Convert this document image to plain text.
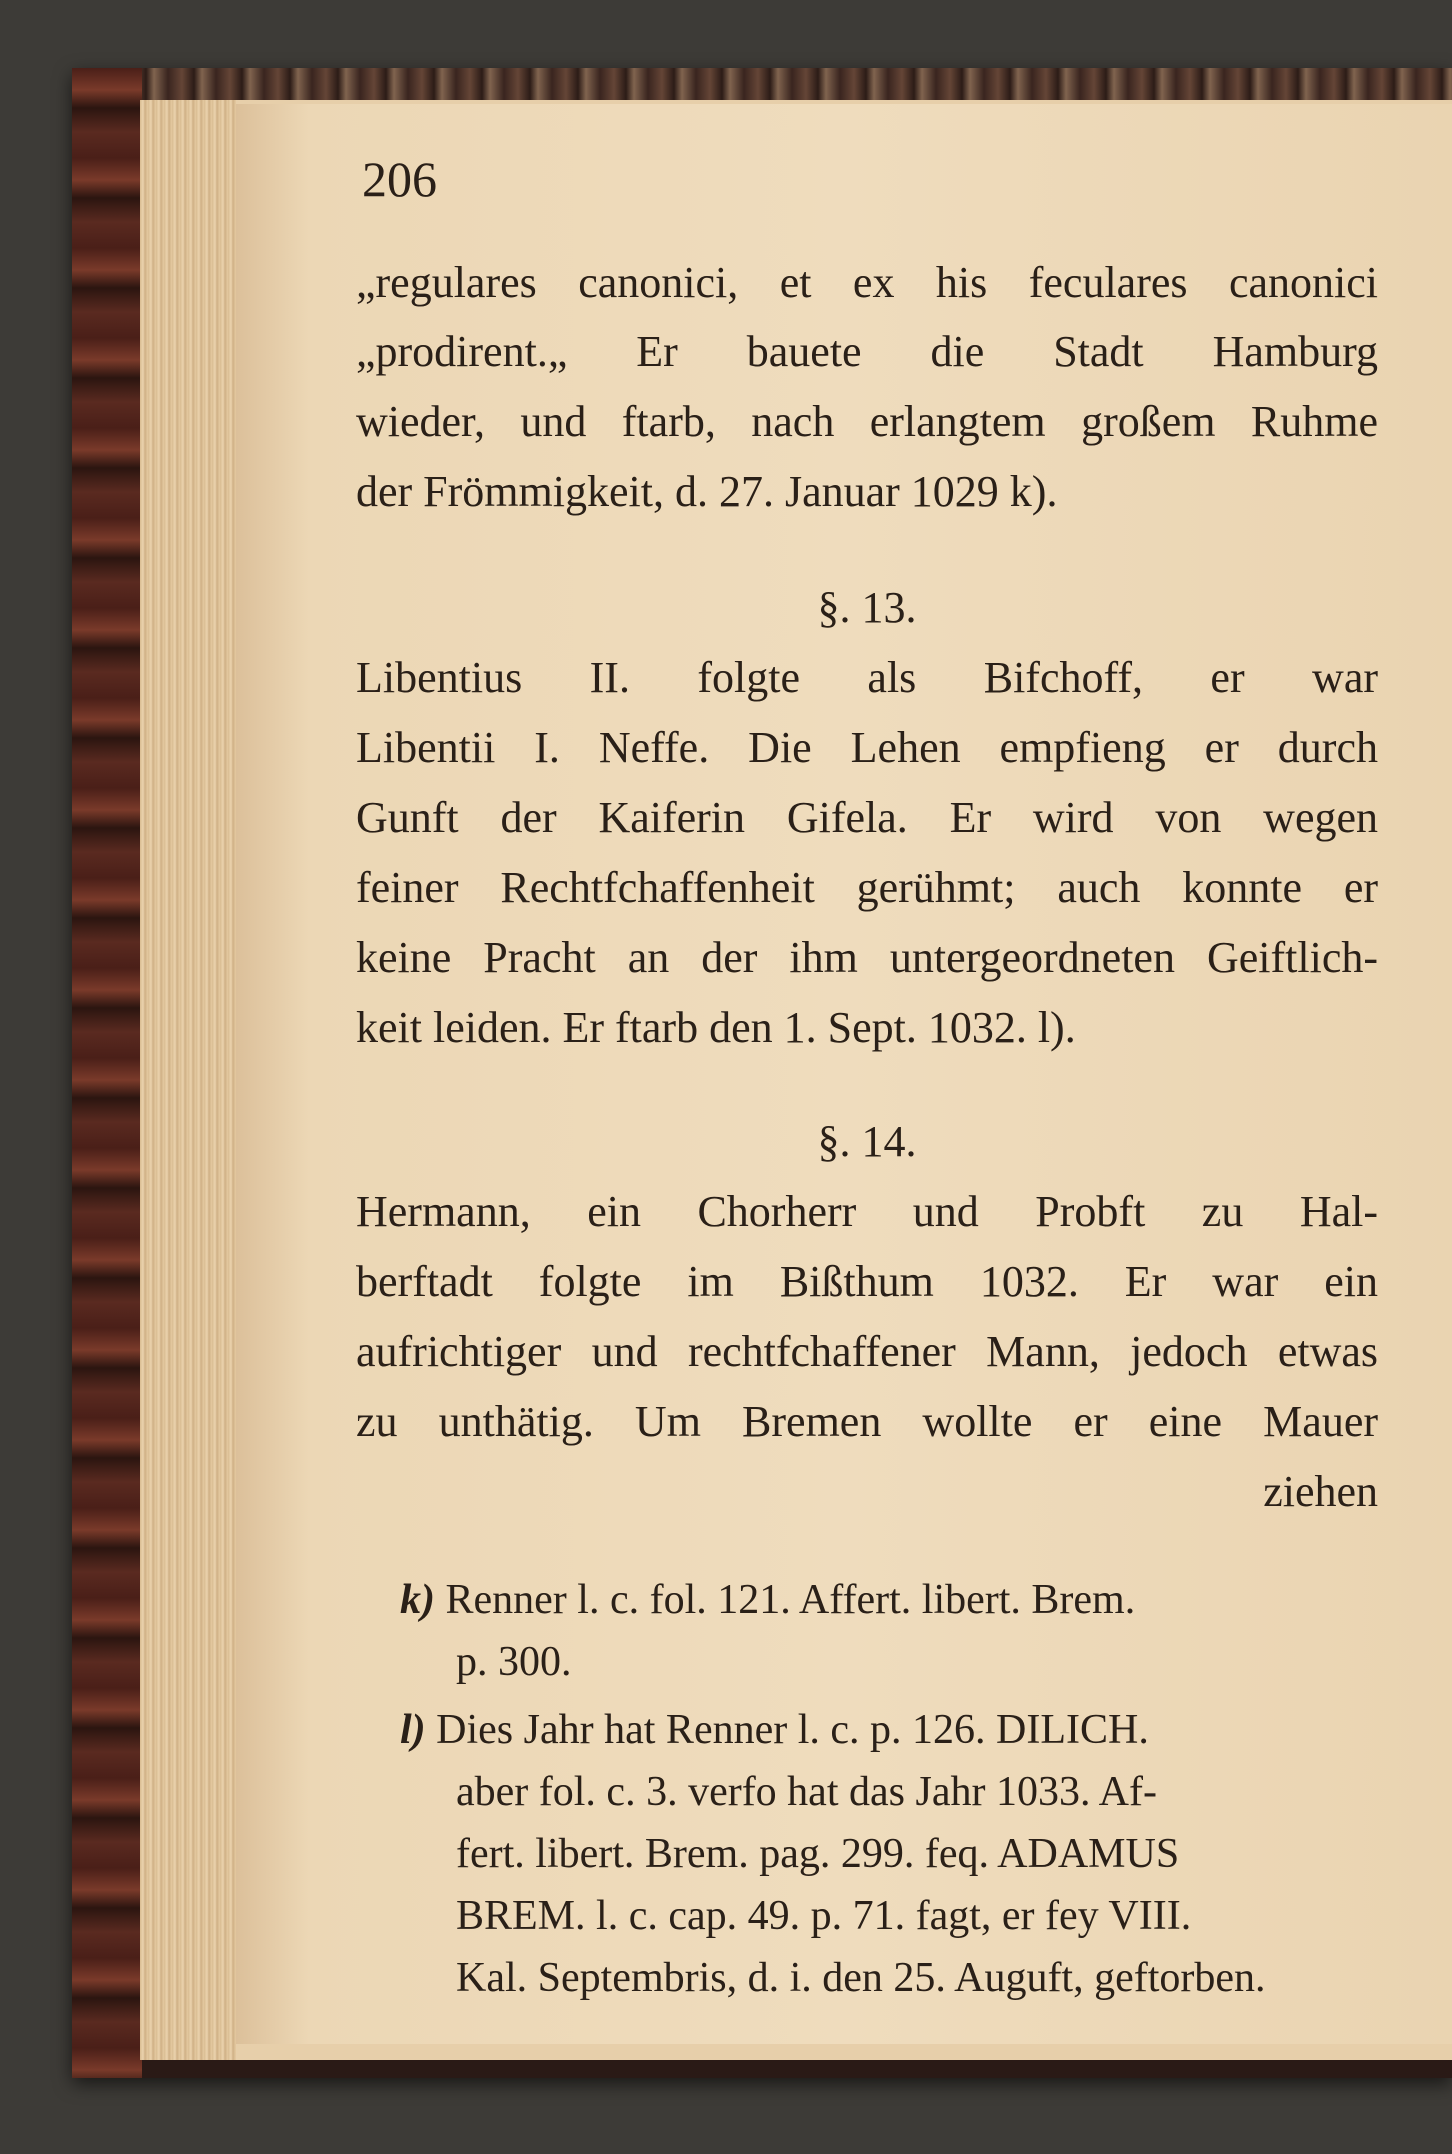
206
„regulares canonici, et ex his feculares canonici
„prodirent.„ Er bauete die Stadt Hamburg
wieder, und ftarb, nach erlangtem großem Ruhme
der Frömmigkeit, d. 27. Januar 1029 k).
§. 13.
Libentius II. folgte als Bifchoff, er war
Libentii I. Neffe. Die Lehen empfieng er durch
Gunft der Kaiferin Gifela. Er wird von wegen
feiner Rechtfchaffenheit gerühmt; auch konnte er
keine Pracht an der ihm untergeordneten Geiftlich-
keit leiden. Er ftarb den 1. Sept. 1032. l).
§. 14.
Hermann, ein Chorherr und Probft zu Hal-
berftadt folgte im Bißthum 1032. Er war ein
aufrichtiger und rechtfchaffener Mann, jedoch etwas
zu unthätig. Um Bremen wollte er eine Mauer
ziehen
k) Renner l. c. fol. 121. Affert. libert. Brem.
p. 300.
l) Dies Jahr hat Renner l. c. p. 126. DILICH.
aber fol. c. 3. verfo hat das Jahr 1033. Af-
fert. libert. Brem. pag. 299. feq. ADAMUS
BREM. l. c. cap. 49. p. 71. fagt, er fey VIII.
Kal. Septembris, d. i. den 25. Auguft, geftorben.
